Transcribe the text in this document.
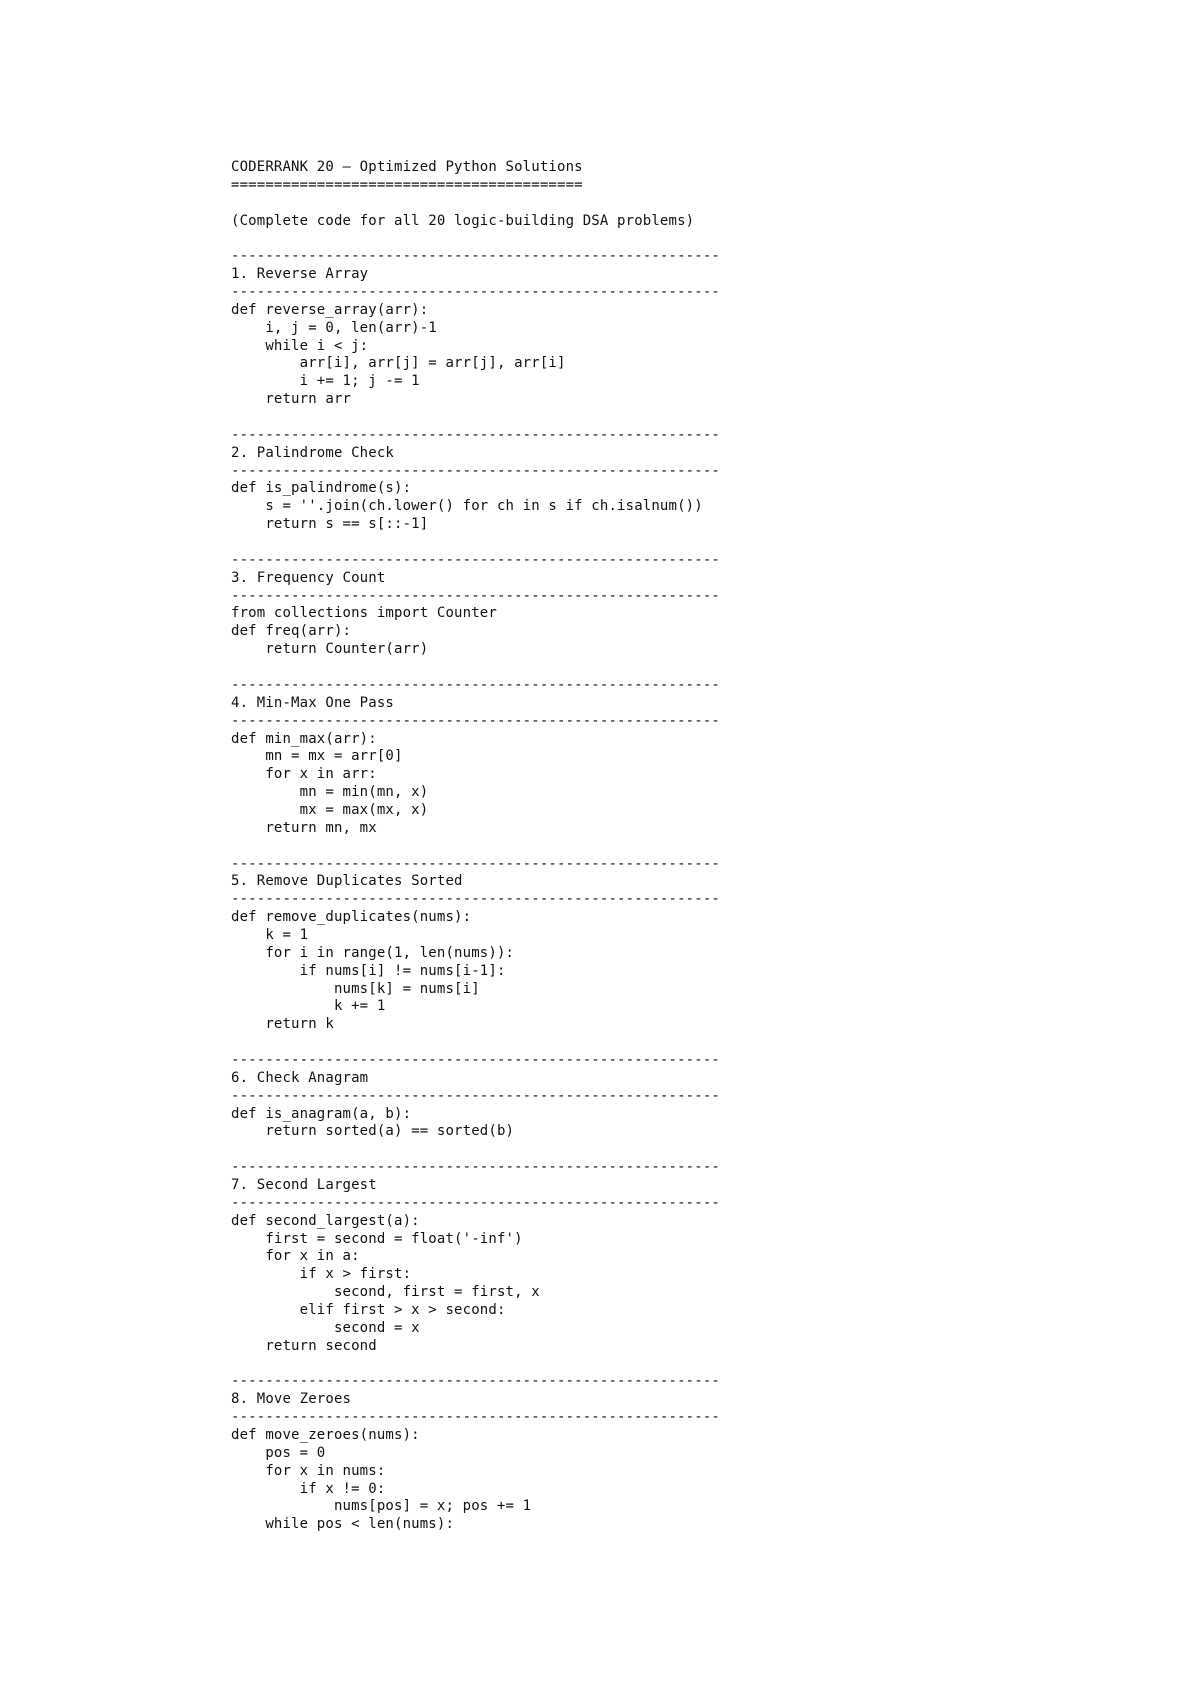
CODERRANK 20 – Optimized Python Solutions
=========================================
(Complete code for all 20 logic-building DSA problems)
---------------------------------------------------------
1. Reverse Array
---------------------------------------------------------
def reverse_array(arr):
i, j = 0, len(arr)-1
while i < j:
arr[i], arr[j] = arr[j], arr[i]
i += 1; j -= 1
return arr
---------------------------------------------------------
2. Palindrome Check
---------------------------------------------------------
def is_palindrome(s):
s = ''.join(ch.lower() for ch in s if ch.isalnum())
return s == s[::-1]
---------------------------------------------------------
3. Frequency Count
---------------------------------------------------------
from collections import Counter
def freq(arr):
return Counter(arr)
---------------------------------------------------------
4. Min-Max One Pass
---------------------------------------------------------
def min_max(arr):
mn = mx = arr[0]
for x in arr:
mn = min(mn, x)
mx = max(mx, x)
return mn, mx
---------------------------------------------------------
5. Remove Duplicates Sorted
---------------------------------------------------------
def remove_duplicates(nums):
k = 1
for i in range(1, len(nums)):
if nums[i] != nums[i-1]:
nums[k] = nums[i]
k += 1
return k
---------------------------------------------------------
6. Check Anagram
---------------------------------------------------------
def is_anagram(a, b):
return sorted(a) == sorted(b)
---------------------------------------------------------
7. Second Largest
---------------------------------------------------------
def second_largest(a):
first = second = float('-inf')
for x in a:
if x > first:
second, first = first, x
elif first > x > second:
second = x
return second
---------------------------------------------------------
8. Move Zeroes
---------------------------------------------------------
def move_zeroes(nums):
pos = 0
for x in nums:
if x != 0:
nums[pos] = x; pos += 1
while pos < len(nums):
